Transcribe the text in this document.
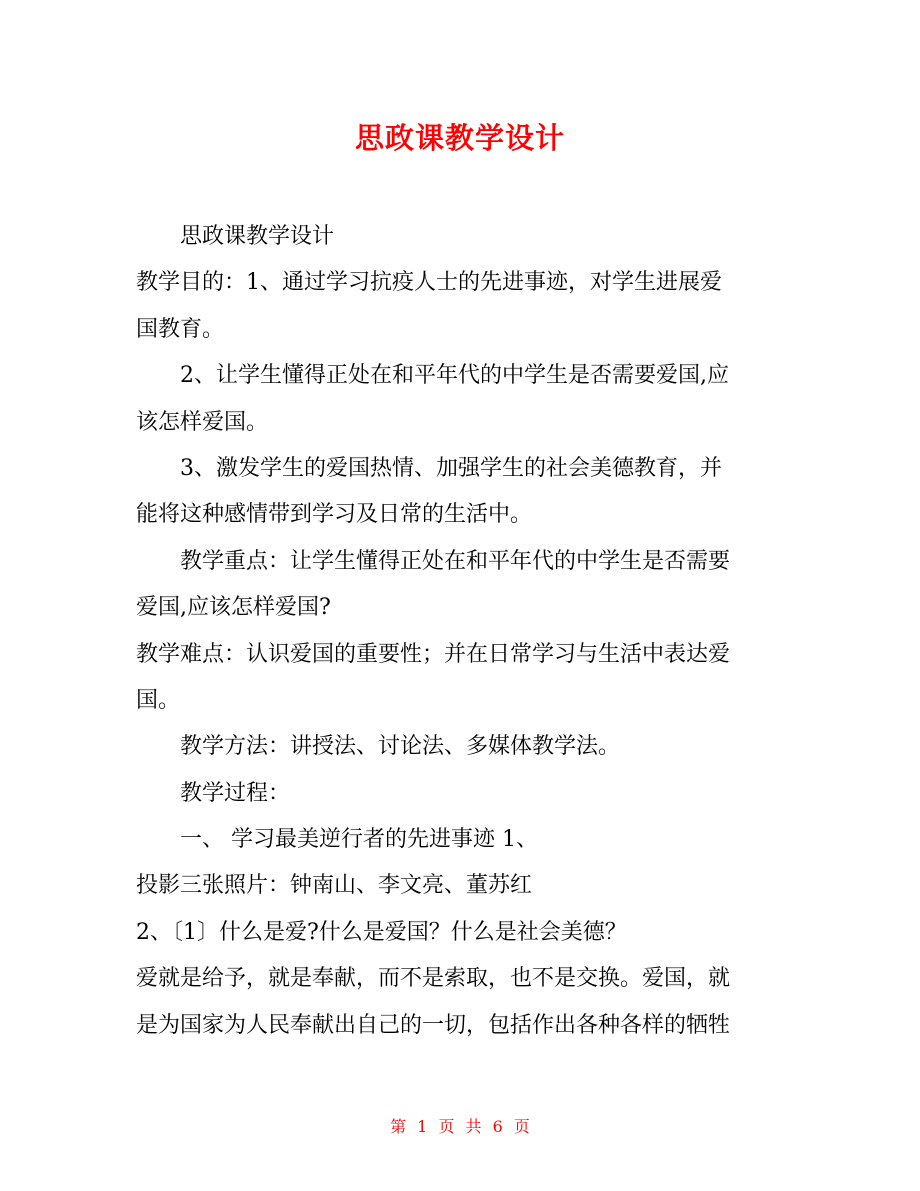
思政课教学设计
思政课教学设计
教学目的：1、通过学习抗疫人士的先进事迹，对学生进展爱
国教育。
2、让学生懂得正处在和平年代的中学生是否需要爱国,应
该怎样爱国。
3、激发学生的爱国热情、加强学生的社会美德教育，并
能将这种感情带到学习及日常的生活中。
教学重点：让学生懂得正处在和平年代的中学生是否需要
爱国,应该怎样爱国?
教学难点：认识爱国的重要性；并在日常学习与生活中表达爱
国。
教学方法：讲授法、讨论法、多媒体教学法。
教学过程：
一、 学习最美逆行者的先进事迹 1、
投影三张照片：钟南山、李文亮、董苏红
2、〔1〕什么是爱?什么是爱国？什么是社会美德？
爱就是给予，就是奉献，而不是索取，也不是交换。爱国，就
是为国家为人民奉献出自己的一切，包括作出各种各样的牺牲
第 1 页 共 6 页
